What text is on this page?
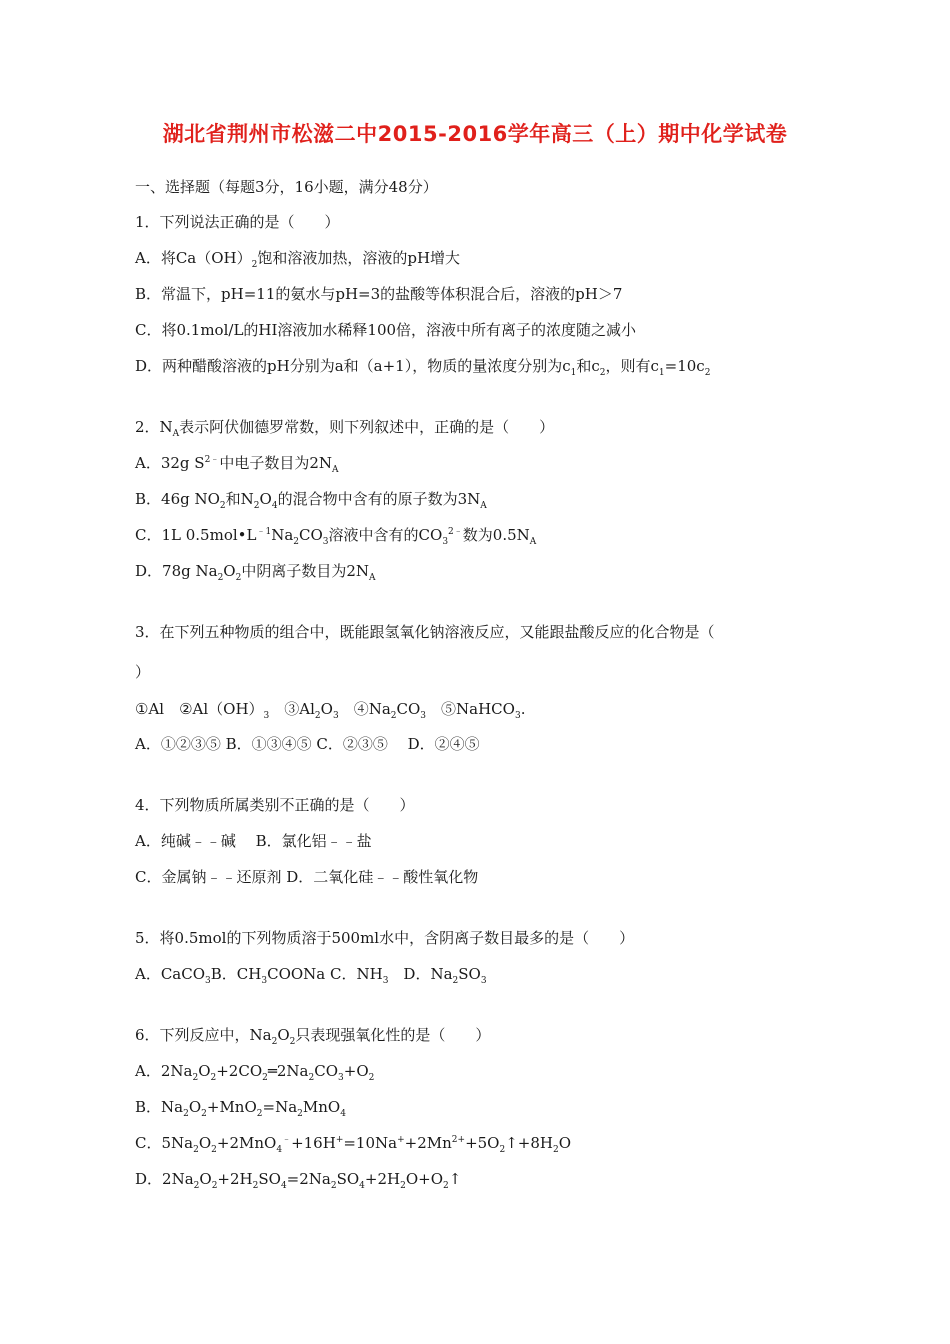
湖北省荆州市松滋二中2015-2016学年高三（上）期中化学试卷
一、选择题（每题3分，16小题，满分48分）
1．下列说法正确的是（　　）
A．将$Ca(OH)_2$饱和溶液加热，溶液的pH增大
B．常温下，pH=11的氨水与pH=3的盐酸等体积混合后，溶液的pH＞7
C．将0.1mol/L的HI溶液加水稀释100倍，溶液中所有离子的浓度随之减小
D．两种醋酸溶液的pH分别为a和（a+1），物质的量浓度分别为$c_1$和$c_2$，则有$c_1=10c_2$
2．$N_A$表示阿伏伽德罗常数，则下列叙述中，正确的是（　　）
A．32g $S^{2﹣}$中电子数目为$2N_A$
B．46g $NO_2$和$N_2O_4$的混合物中含有的原子数为$3N_A$
C．1L $0.5mol•L^{﹣1}Na_2CO_3$溶液中含有的$CO_3^{2﹣}$数为$0.5N_A$
D．78g $Na_2O_2$中阴离子数目为$2N_A$
3．在下列五种物质的组合中，既能跟氢氧化钠溶液反应，又能跟盐酸反应的化合物是（
）
①Al　$②Al(OH)_3$　$③Al_2O_3$　$④Na_2CO_3$　⑤NaHCO$_3$.
A．①②③⑤ B．①③④⑤ C．②③⑤　 D．②④⑤
4．下列物质所属类别不正确的是（　　）
A．纯碱﹣﹣碱　 B．氯化铝﹣﹣盐
C．金属钠﹣﹣还原剂 D．二氧化硅﹣﹣酸性氧化物
5．将0.5mol的下列物质溶于500ml水中，含阴离子数目最多的是（　　）
A．CaCO$_3$B．$CH_3COONa$ C．$NH_3$　D．$Na_2SO_3$
6．下列反应中，$Na_2O_2$只表现强氧化性的是（　　）
A．$2Na_2O_2+2CO_2═2Na_2CO_3+O_2$
B．$Na_2O_2+MnO_2=Na_2MnO_4$
C．$5Na_2O_2+2MnO_4^﹣+16H^+=10Na^++2Mn^{2+}+5O_2↑+8H_2O$
D．$2Na_2O_2+2H_2SO_4=2Na_2SO_4+2H_2O+O_2↑$
